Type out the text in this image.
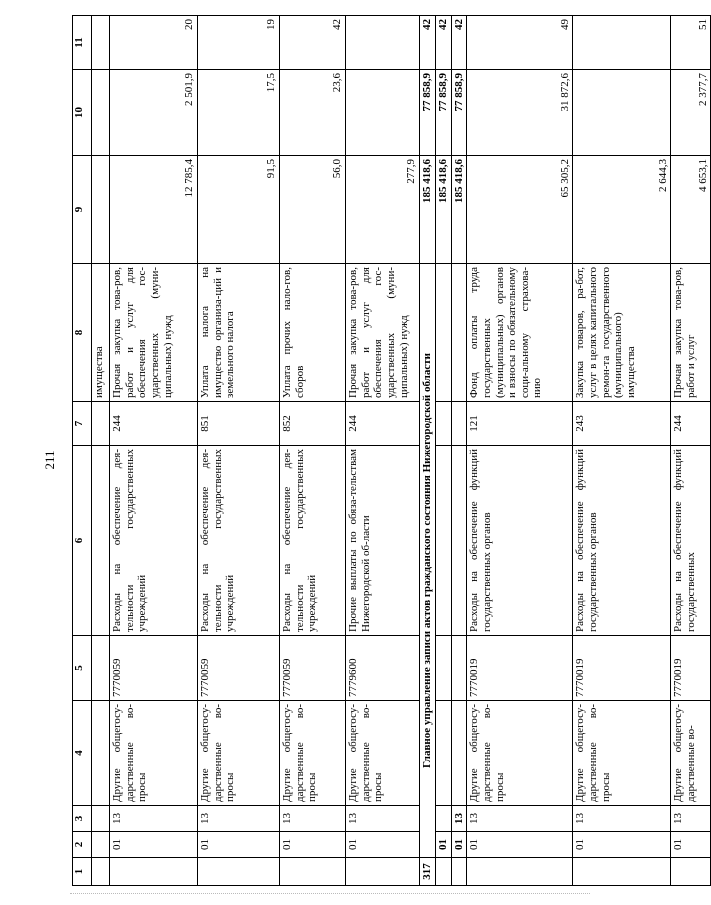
211
1	2	3	4	5	6	7	8	9	10	11
							имущества			
	01	13	Другие общегосу-дарственные во-просы	7770059	Расходы на обеспечение дея-тельности государственных учреждений	244	Прочая закупка това-ров, работ и услуг для обеспечения гос-ударственных (муни-ципальных) нужд	12 785,4	2 501,9	20
	01	13	Другие общегосу-дарственные во-просы	7770059	Расходы на обеспечение дея-тельности государственных учреждений	851	Уплата налога на имущество организа-ций и земельного налога	91,5	17,5	19
	01	13	Другие общегосу-дарственные во-просы	7770059	Расходы на обеспечение дея-тельности государственных учреждений	852	Уплата прочих нало-гов, сборов	56,0	23,6	42
	01	13	Другие общегосу-дарственные во-просы	7779600	Прочие выплаты по обяза-тельствам Нижегородской об-ласти	244	Прочая закупка това-ров, работ и услуг для обеспечения гос-ударственных (муни-ципальных) нужд	277,9		
317	Главное управление записи актов гражданского состояния Нижегородской области							185 418,6	77 858,9	42
	01							185 418,6	77 858,9	42
	01	13						185 418,6	77 858,9	42
	01	13	Другие общегосу-дарственные во-просы	7770019	Расходы на обеспечение функций государственных органов	121	Фонд оплаты труда государственных (муниципальных) органов и взносы по обязательному соци-альному страхова-нию	65 305,2	31 872,6	49
	01	13	Другие общегосу-дарственные во-просы	7770019	Расходы на обеспечение функций государственных органов	243	Закупка товаров, ра-бот, услуг в целях капитального ремон-та государственного (муниципального) имущества	2 644,3		
	01	13	Другие общегосу-дарственные во-	7770019	Расходы на обеспечение функций государственных	244	Прочая закупка това-ров, работ и услуг	4 653,1	2 377,7	51
